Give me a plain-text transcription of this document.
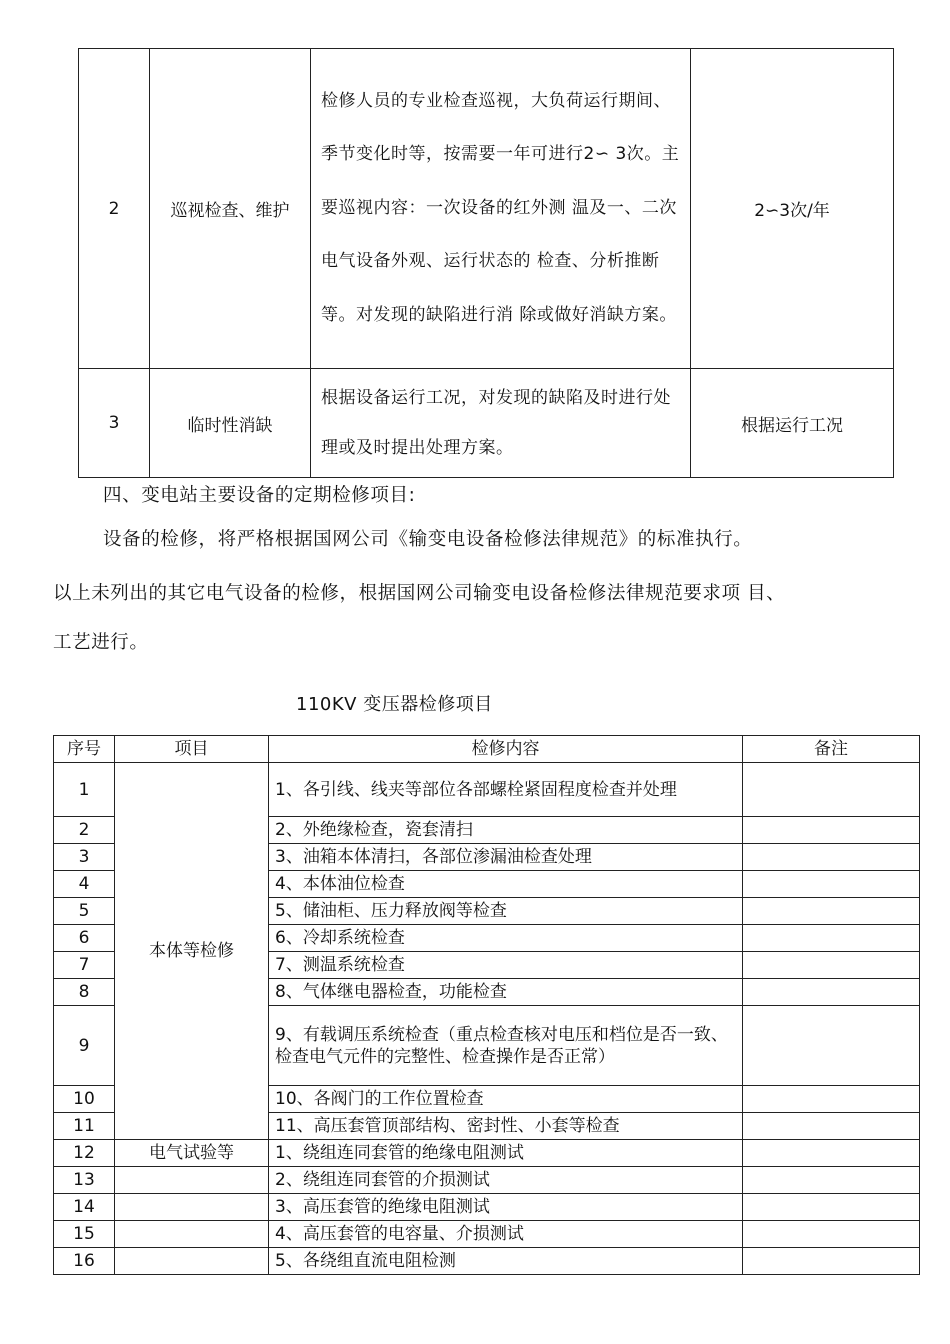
2	巡视检查、维护	检修人员的专业检查巡视，大负荷运行期间、季节变化时等，按需要一年可进行2∽ 3次。主要巡视内容：一次设备的红外测 温及一、二次电气设备外观、运行状态的 检查、分析推断等。对发现的缺陷进行消 除或做好消缺方案。	2∽3次/年
3	临时性消缺	根据设备运行工况，对发现的缺陷及时进行处理或及时提出处理方案。	根据运行工况
四、变电站主要设备的定期检修项目:
设备的检修，将严格根据国网公司《输变电设备检修法律规范》的标准执行。
以上未列出的其它电气设备的检修，根据国网公司输变电设备检修法律规范要求项 目、
工艺进行。
110KV 变压器检修项目
序号	项目	检修内容	备注
1	本体等检修	1、各引线、线夹等部位各部螺栓紧固程度检查并处理	
2		2、外绝缘检查，瓷套清扫	
3		3、油箱本体清扫，各部位渗漏油检查处理	
4		4、本体油位检查	
5		5、储油柜、压力释放阀等检查	
6		6、冷却系统检查	
7		7、测温系统检查	
8		8、气体继电器检查，功能检查	
9		9、有载调压系统检查（重点检查核对电压和档位是否一致、检查电气元件的完整性、检查操作是否正常）	
10		10、各阀门的工作位置检查	
11		11、高压套管顶部结构、密封性、小套等检查	
12	电气试验等	1、绕组连同套管的绝缘电阻测试	
13		2、绕组连同套管的介损测试	
14		3、高压套管的绝缘电阻测试	
15		4、高压套管的电容量、介损测试	
16		5、各绕组直流电阻检测	
